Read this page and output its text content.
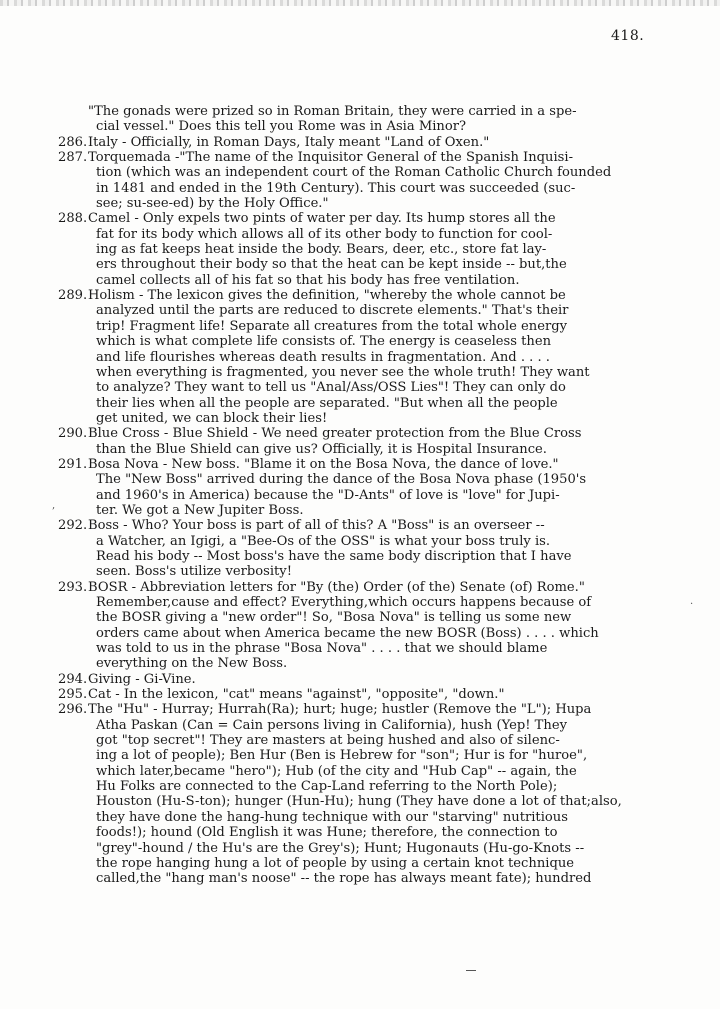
418.
"The gonads were prized so in Roman Britain, they were carried in a spe-
cial vessel." Does this tell you Rome was in Asia Minor?
286. Italy - Officially, in Roman Days, Italy meant "Land of Oxen."
287. Torquemada -"The name of the Inquisitor General of the Spanish Inquisi-
tion (which was an independent court of the Roman Catholic Church founded
in 1481 and ended in the 19th Century). This court was succeeded (suc-
see; su-see-ed) by the Holy Office."
288. Camel - Only expels two pints of water per day. Its hump stores all the
fat for its body which allows all of its other body to function for cool-
ing as fat keeps heat inside the body. Bears, deer, etc., store fat lay-
ers throughout their body so that the heat can be kept inside -- but,the
camel collects all of his fat so that his body has free ventilation.
289. Holism - The lexicon gives the definition, "whereby the whole cannot be
analyzed until the parts are reduced to discrete elements." That's their
trip! Fragment life! Separate all creatures from the total whole energy
which is what complete life consists of. The energy is ceaseless then
and life flourishes whereas death results in fragmentation. And . . . .
when everything is fragmented, you never see the whole truth! They want
to analyze? They want to tell us "Anal/Ass/OSS Lies"! They can only do
their lies when all the people are separated. "But when all the people
get united, we can block their lies!
290. Blue Cross - Blue Shield - We need greater protection from the Blue Cross
than the Blue Shield can give us? Officially, it is Hospital Insurance.
291. Bosa Nova - New boss. "Blame it on the Bosa Nova, the dance of love."
The "New Boss" arrived during the dance of the Bosa Nova phase (1950's
and 1960's in America) because the "D-Ants" of love is "love" for Jupi-
ter. We got a New Jupiter Boss.
292. Boss - Who? Your boss is part of all of this? A "Boss" is an overseer --
a Watcher, an Igigi, a "Bee-Os of the OSS" is what your boss truly is.
Read his body -- Most boss's have the same body discription that I have
seen. Boss's utilize verbosity!
293. BOSR - Abbreviation letters for "By (the) Order (of the) Senate (of) Rome."
Remember,cause and effect? Everything,which occurs happens because of
the BOSR giving a "new order"! So, "Bosa Nova" is telling us some new
orders came about when America became the new BOSR (Boss) . . . . which
was told to us in the phrase "Bosa Nova" . . . . that we should blame
everything on the New Boss.
294. Giving - Gi-Vine.
295. Cat - In the lexicon, "cat" means "against", "opposite", "down."
296. The "Hu" - Hurray; Hurrah(Ra); hurt; huge; hustler (Remove the "L"); Hupa
Atha Paskan (Can = Cain persons living in California), hush (Yep! They
got "top secret"! They are masters at being hushed and also of silenc-
ing a lot of people); Ben Hur (Ben is Hebrew for "son"; Hur is for "huroe",
which later,became "hero"); Hub (of the city and "Hub Cap" -- again, the
Hu Folks are connected to the Cap-Land referring to the North Pole);
Houston (Hu-S-ton); hunger (Hun-Hu); hung (They have done a lot of that;also,
they have done the hang-hung technique with our "starving" nutritious
foods!); hound (Old English it was Hune; therefore, the connection to
"grey"-hound / the Hu's are the Grey's); Hunt; Hugonauts (Hu-go-Knots --
the rope hanging hung a lot of people by using a certain knot technique
called,the "hang man's noose" -- the rope has always meant fate); hundred
.
,
